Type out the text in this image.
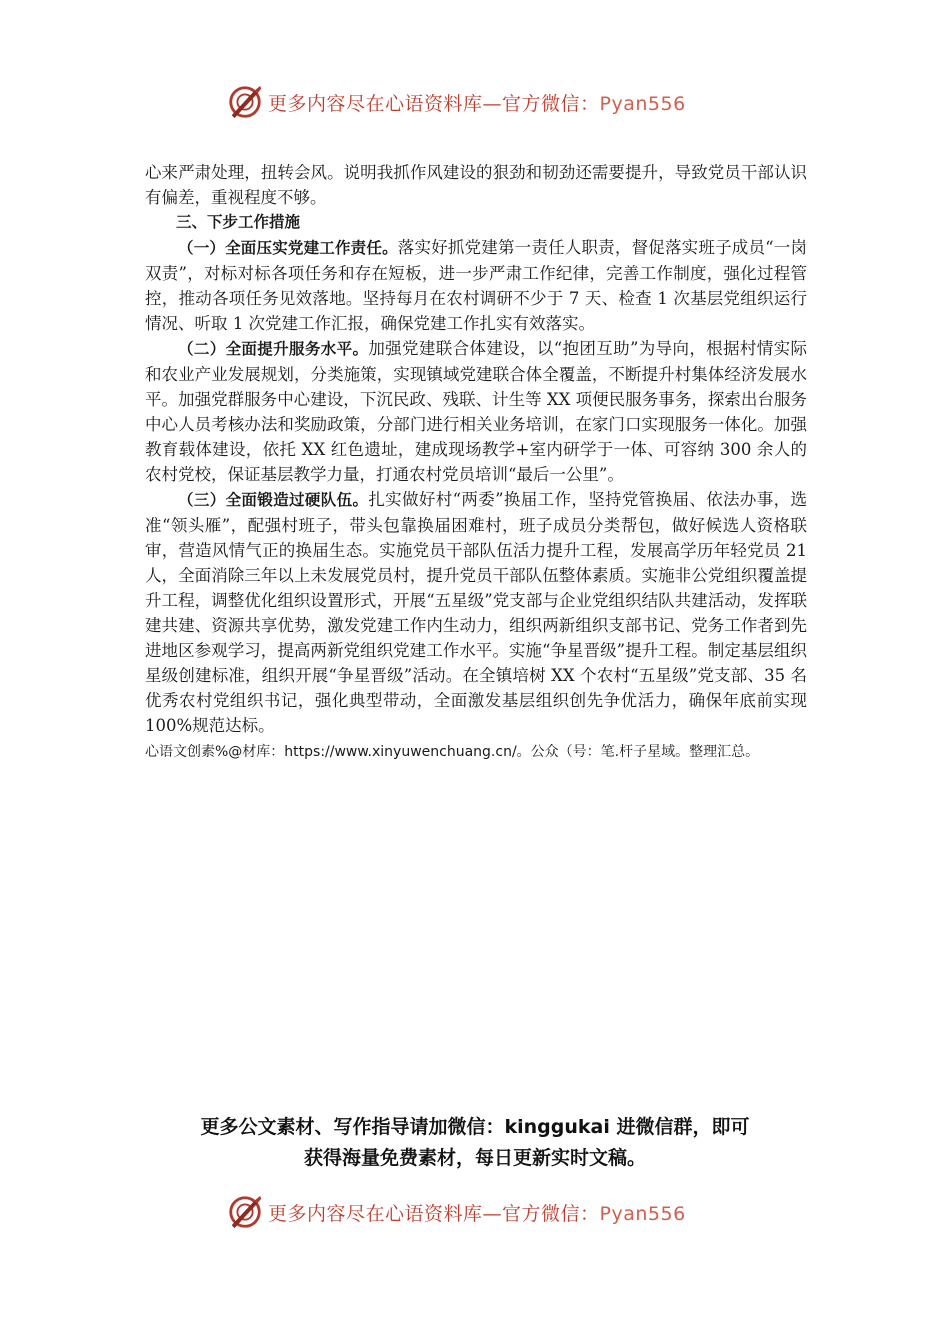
更多内容尽在心语资料库—官方微信：Pyan556

心来严肃处理，扭转会风。说明我抓作风建设的狠劲和韧劲还需要提升，导致党员干部认识有偏差，重视程度不够。

三、下步工作措施

（一）全面压实党建工作责任。落实好抓党建第一责任人职责，督促落实班子成员“一岗双责”，对标对标各项任务和存在短板，进一步严肃工作纪律，完善工作制度，强化过程管控，推动各项任务见效落地。坚持每月在农村调研不少于 7 天、检查 1 次基层党组织运行情况、听取 1 次党建工作汇报，确保党建工作扎实有效落实。

（二）全面提升服务水平。加强党建联合体建设，以“抱团互助”为导向，根据村情实际和农业产业发展规划，分类施策，实现镇域党建联合体全覆盖，不断提升村集体经济发展水平。加强党群服务中心建设，下沉民政、残联、计生等 XX 项便民服务事务，探索出台服务中心人员考核办法和奖励政策，分部门进行相关业务培训，在家门口实现服务一体化。加强教育载体建设，依托 XX 红色遗址，建成现场教学+室内研学于一体、可容纳 300 余人的农村党校，保证基层教学力量，打通农村党员培训“最后一公里”。

（三）全面锻造过硬队伍。扎实做好村“两委”换届工作，坚持党管换届、依法办事，选准“领头雁”，配强村班子，带头包靠换届困难村，班子成员分类帮包，做好候选人资格联审，营造风情气正的换届生态。实施党员干部队伍活力提升工程，发展高学历年轻党员 21 人，全面消除三年以上未发展党员村，提升党员干部队伍整体素质。实施非公党组织覆盖提升工程，调整优化组织设置形式，开展“五星级”党支部与企业党组织结队共建活动，发挥联建共建、资源共享优势，激发党建工作内生动力，组织两新组织支部书记、党务工作者到先进地区参观学习，提高两新党组织党建工作水平。实施“争星晋级”提升工程。制定基层组织星级创建标准，组织开展“争星晋级”活动。在全镇培树 XX 个农村“五星级”党支部、35 名优秀农村党组织书记，强化典型带动，全面激发基层组织创先争优活力，确保年底前实现 100%规范达标。

心语文创素%@材库：https://www.xinyuwenchuang.cn/。公众（号：笔.杆子星域。整理汇总。

更多公文素材、写作指导请加微信：kinggukai 进微信群，即可
获得海量免费素材，每日更新实时文稿。
更多内容尽在心语资料库—官方微信：Pyan556
